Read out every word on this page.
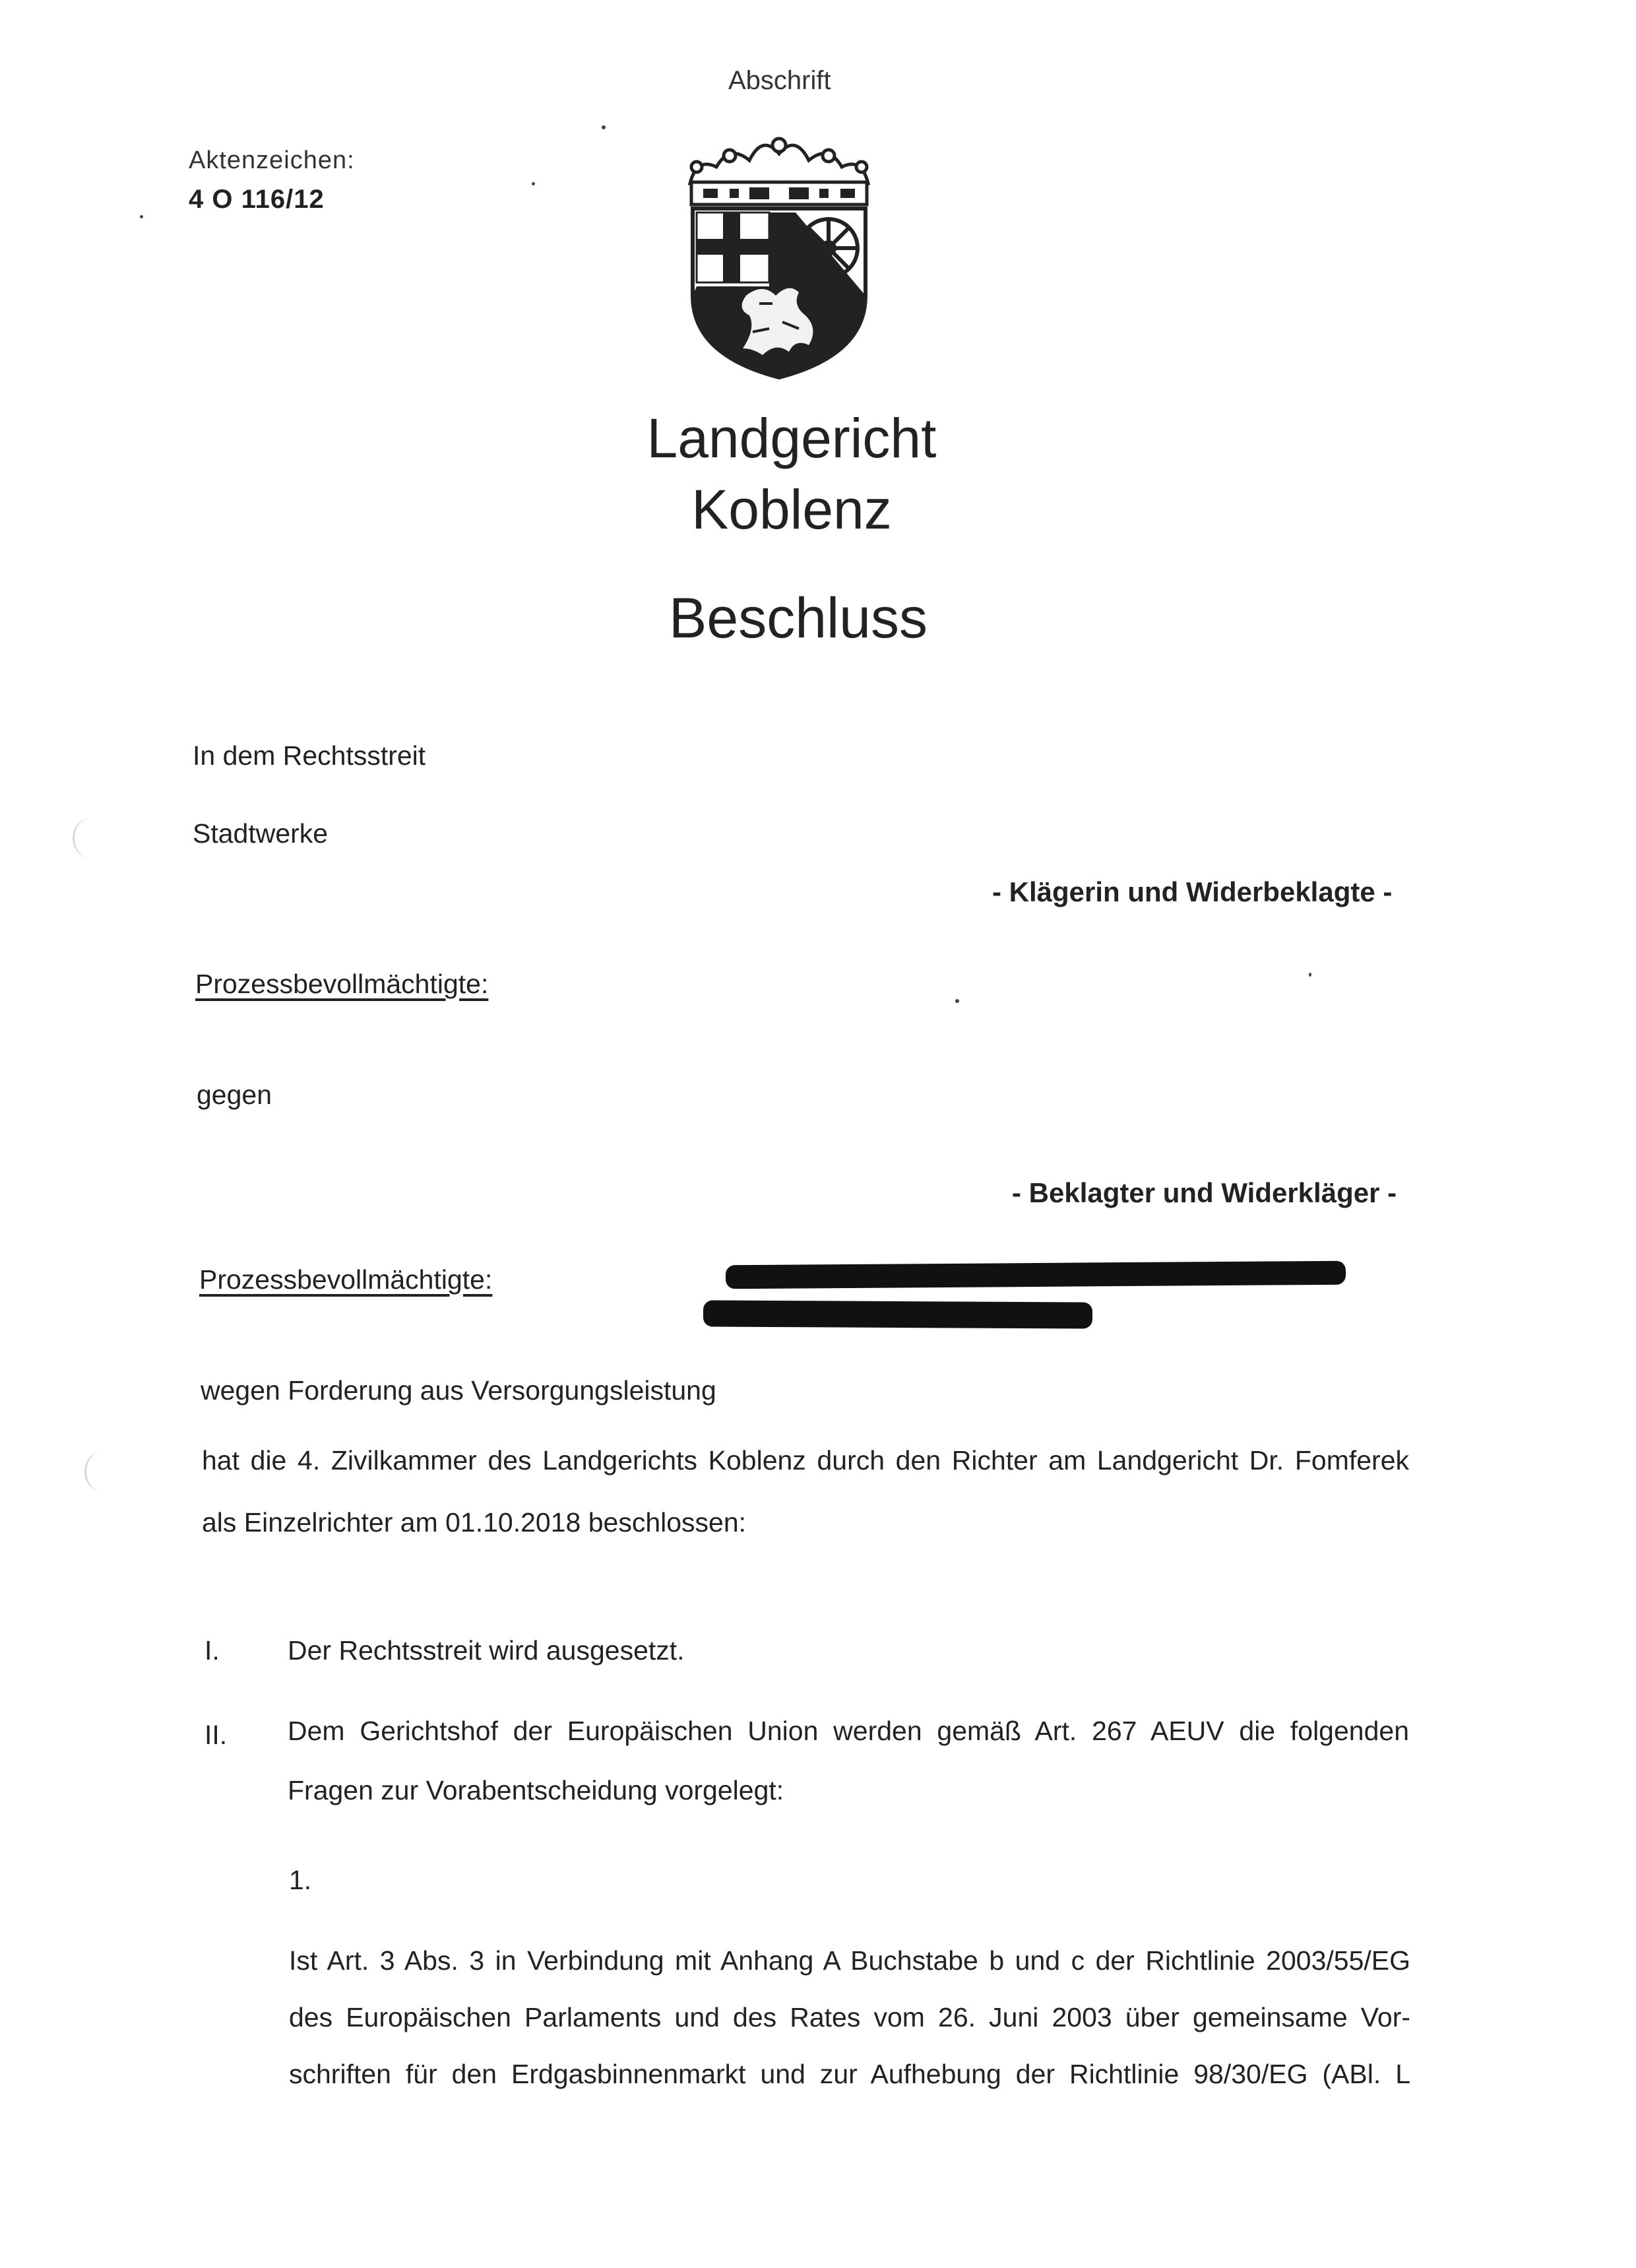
Abschrift
Aktenzeichen:
4 O 116/12
Landgericht
Koblenz
Beschluss
In dem Rechtsstreit
Stadtwerke
- Klägerin und Widerbeklagte -
Prozessbevollmächtigte:
gegen
- Beklagter und Widerkläger -
Prozessbevollmächtigte:
wegen Forderung aus Versorgungsleistung
hat die 4. Zivilkammer des Landgerichts Koblenz durch den Richter am Landgericht Dr. Fomferek
als Einzelrichter am 01.10.2018 beschlossen:
I.	Der Rechtsstreit wird ausgesetzt.
II. Dem Gerichtshof der Europäischen Union werden gemäß Art. 267 AEUV die folgenden
Fragen zur Vorabentscheidung vorgelegt:
1.
Ist Art. 3 Abs. 3 in Verbindung mit Anhang A Buchstabe b und c der Richtlinie 2003/55/EG
des Europäischen Parlaments und des Rates vom 26. Juni 2003 über gemeinsame Vor-
schriften für den Erdgasbinnenmarkt und zur Aufhebung der Richtlinie 98/30/EG (ABl. L
